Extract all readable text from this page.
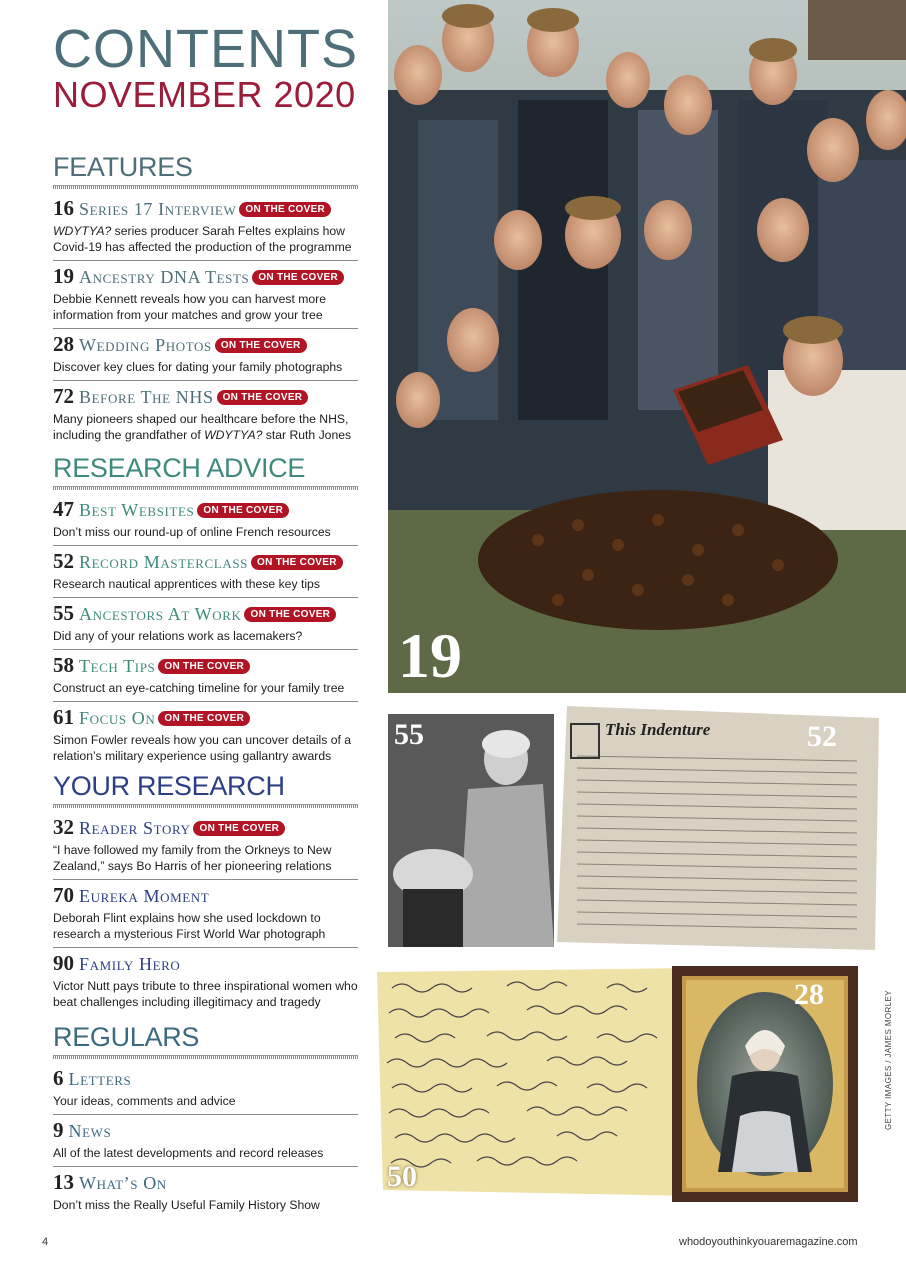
CONTENTS
NOVEMBER 2020
FEATURES
16 Series 17 Interview ON THE COVER
WDYTYA? series producer Sarah Feltes explains how Covid-19 has affected the production of the programme
19 Ancestry DNA Tests ON THE COVER
Debbie Kennett reveals how you can harvest more information from your matches and grow your tree
28 Wedding Photos ON THE COVER
Discover key clues for dating your family photographs
72 Before The NHS ON THE COVER
Many pioneers shaped our healthcare before the NHS, including the grandfather of WDYTYA? star Ruth Jones
RESEARCH ADVICE
47 Best Websites ON THE COVER
Don’t miss our round-up of online French resources
52 Record Masterclass ON THE COVER
Research nautical apprentices with these key tips
55 Ancestors At Work ON THE COVER
Did any of your relations work as lacemakers?
58 Tech Tips ON THE COVER
Construct an eye-catching timeline for your family tree
61 Focus On ON THE COVER
Simon Fowler reveals how you can uncover details of a relation’s military experience using gallantry awards
YOUR RESEARCH
32 Reader Story ON THE COVER
“I have followed my family from the Orkneys to New Zealand,” says Bo Harris of her pioneering relations
70 Eureka Moment
Deborah Flint explains how she used lockdown to research a mysterious First World War photograph
90 Family Hero
Victor Nutt pays tribute to three inspirational women who beat challenges including illegitimacy and tragedy
REGULARS
6 Letters
Your ideas, comments and advice
9 News
All of the latest developments and record releases
13 What’s On
Don’t miss the Really Useful Family History Show
19
55	This Indenture	52
50
28	GETTY IMAGES / JAMES MORLEY
4	whodoyouthinkyouaremagazine.com
